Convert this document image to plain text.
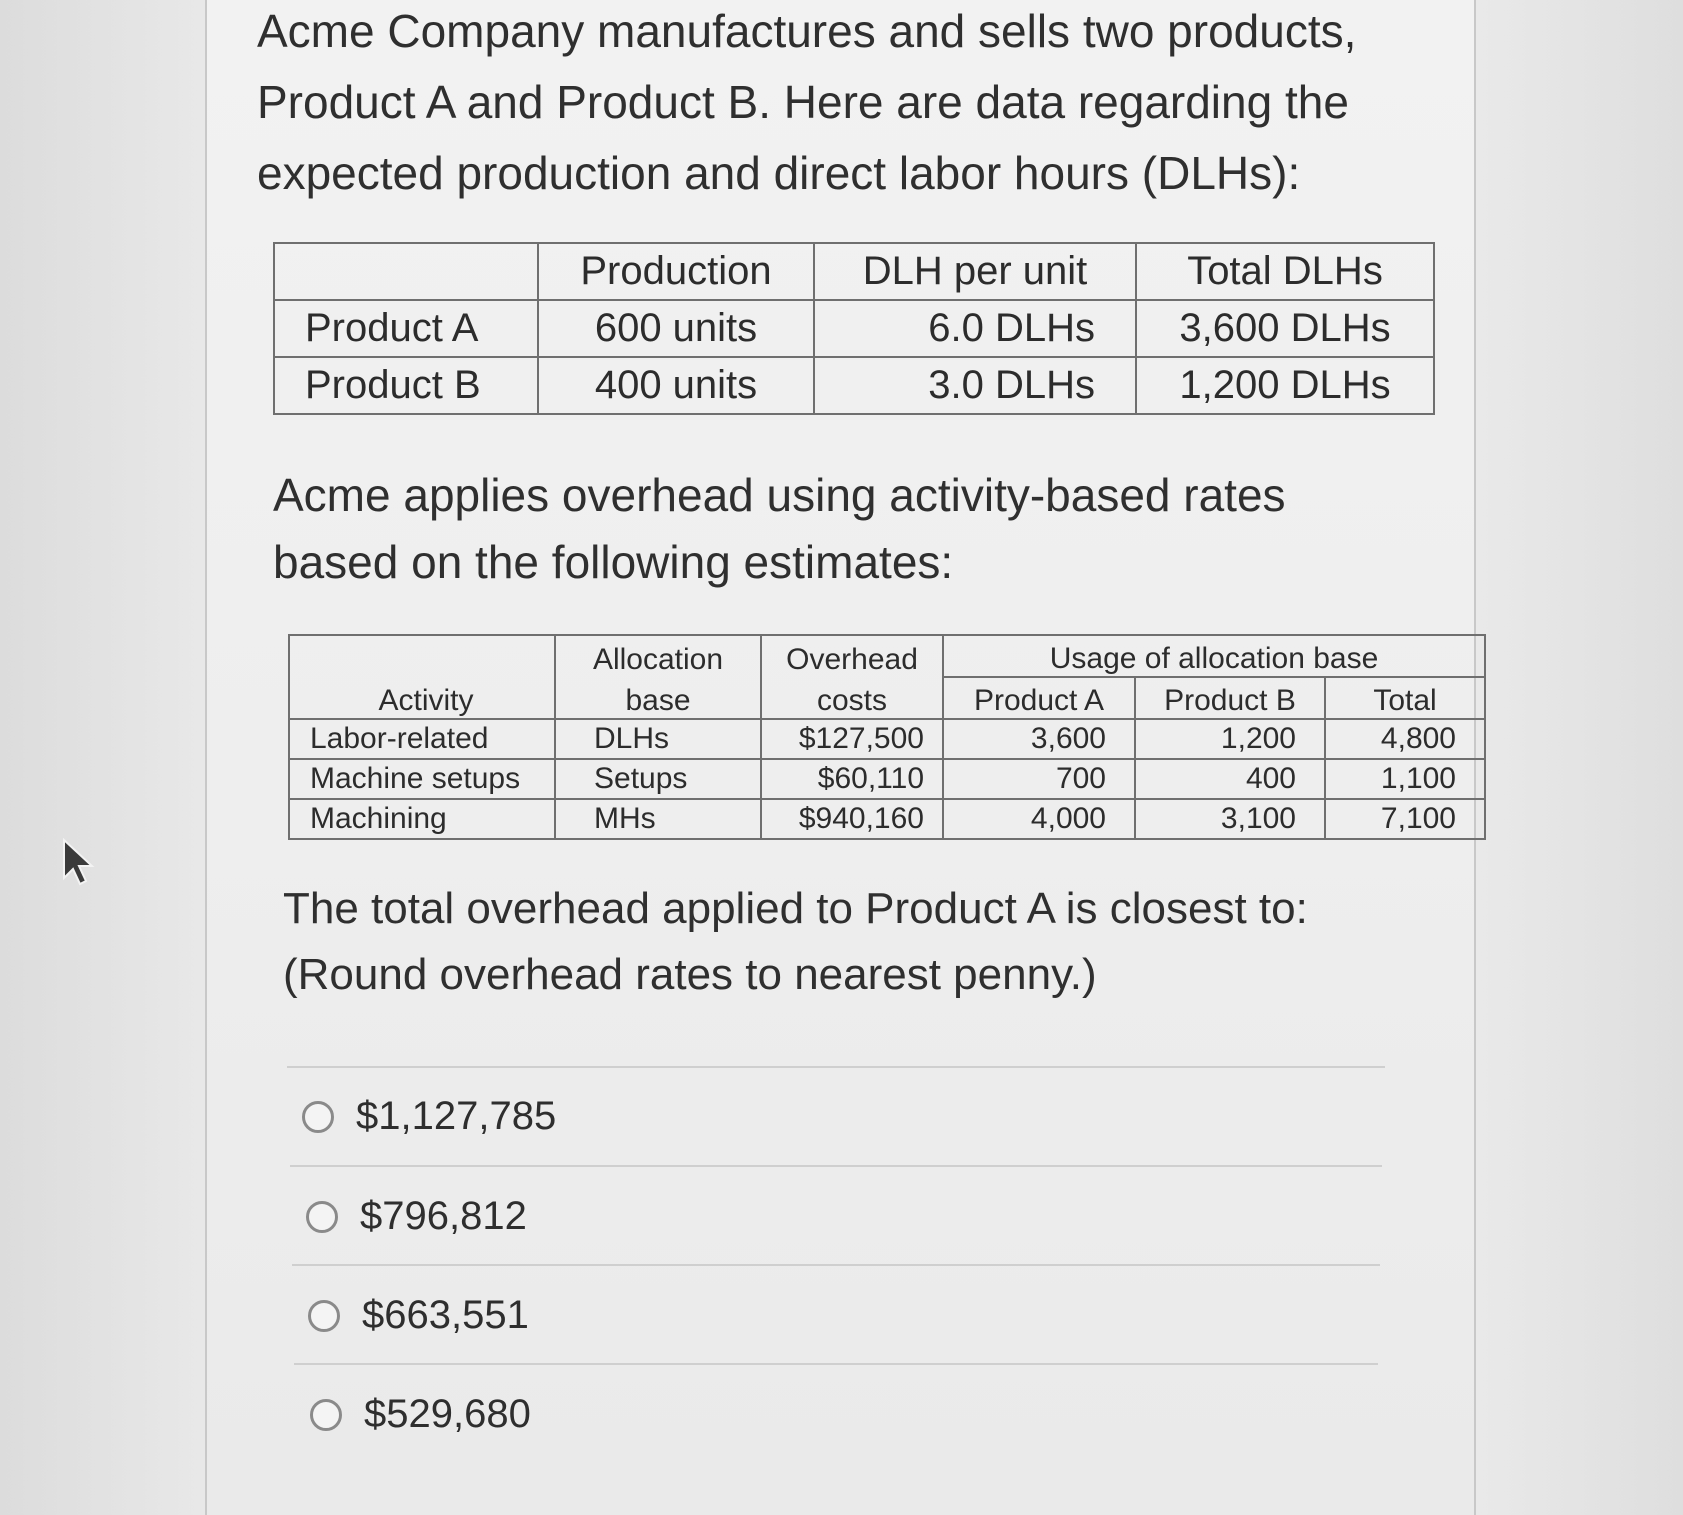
Acme Company manufactures and sells two products, Product A and Product B. Here are data regarding the expected production and direct labor hours (DLHs):

	Production	DLH per unit	Total DLHs
Product A	600 units	6.0 DLHs	3,600 DLHs
Product B	400 units	3.0 DLHs	1,200 DLHs

Acme applies overhead using activity-based rates based on the following estimates:

	Allocation	Overhead	Usage of allocation base		
Activity	base	costs	Product A	Product B	Total
Labor-related	DLHs	$127,500	3,600	1,200	4,800
Machine setups	Setups	$60,110	700	400	1,100
Machining	MHs	$940,160	4,000	3,100	7,100

The total overhead applied to Product A is closest to:
(Round overhead rates to nearest penny.)

$1,127,785
$796,812
$663,551
$529,680
